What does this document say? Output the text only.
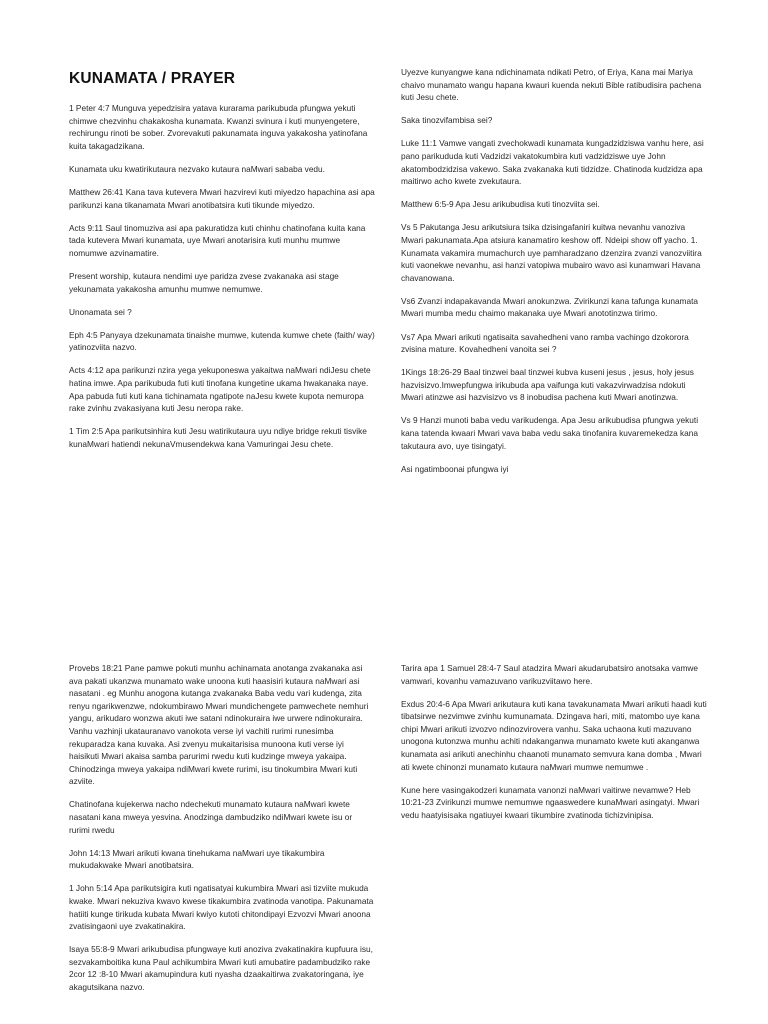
KUNAMATA / PRAYER

1 Peter 4:7 Munguva yepedzisira yatava kurarama parikubuda pfungwa yekuti chimwe chezvinhu chakakosha kunamata. Kwanzi svinura i kuti munyengetere, rechirungu rinoti be sober. Zvorevakuti pakunamata inguva yakakosha yatinofana kuita takagadzikana.

Kunamata uku kwatirikutaura nezvako kutaura naMwari sababa vedu.

Matthew 26:41 Kana tava kutevera Mwari hazvirevi kuti miyedzo hapachina asi apa parikunzi kana tikanamata Mwari anotibatsira kuti tikunde miyedzo.

Acts 9:11 Saul tinomuziva asi apa pakuratidza kuti chinhu chatinofana kuita kana tada kutevera Mwari kunamata, uye Mwari anotarisira kuti munhu mumwe nomumwe azvinamatire.

Present worship, kutaura nendimi uye paridza zvese zvakanaka asi stage yekunamata yakakosha amunhu mumwe nemumwe.

Unonamata sei ?

Eph 4:5 Panyaya dzekunamata tinaishe mumwe, kutenda kumwe chete (faith/ way) yatinozviita nazvo.

Acts 4:12 apa parikunzi nzira yega yekuponeswa yakaitwa naMwari ndiJesu chete hatina imwe. Apa parikubuda futi kuti tinofana kungetine ukama hwakanaka naye. Apa pabuda futi kuti kana tichinamata ngatipote naJesu kwete kupota nemuropa rake zvinhu zvakasiyana kuti Jesu neropa rake.

1 Tim 2:5 Apa parikutsinhira kuti Jesu watirikutaura uyu ndiye bridge rekuti tisvike kunaMwari hatiendi nekunaVmusendekwa kana Vamuringai Jesu chete.

Uyezve kunyangwe kana ndichinamata ndikati Petro, of Eriya, Kana mai Mariya chaivo munamato wangu hapana kwauri kuenda nekuti Bible ratibudisira pachena kuti Jesu chete.

Saka tinozvifambisa sei?

Luke 11:1 Vamwe vangati zvechokwadi kunamata kungadzidziswa vanhu here, asi pano parikududa kuti Vadzidzi vakatokumbira kuti vadzidziswe uye John akatombodzidzisa vakewo. Saka zvakanaka kuti tidzidze. Chatinoda kudzidza apa maitirwo acho kwete zvekutaura.

Matthew 6:5-9 Apa Jesu arikubudisa kuti tinozviita sei.

Vs 5 Pakutanga Jesu arikutsiura tsika dzisingafaniri kuitwa nevanhu vanoziva Mwari pakunamata.Apa atsiura kanamatiro keshow off. Ndeipi show off yacho. 1. Kunamata vakamira mumachurch uye pamharadzano dzenzira zvanzi vanozviitira kuti vaonekwe nevanhu, asi hanzi vatopiwa mubairo wavo asi kunamwari Havana chavanowana.

Vs6 Zvanzi indapakavanda Mwari anokunzwa. Zvirikunzi kana tafunga kunamata Mwari mumba medu chaimo makanaka uye Mwari anototinzwa tirimo.

Vs7 Apa Mwari arikuti ngatisaita savahedheni vano ramba vachingo dzokorora zvisina mature. Kovahedheni vanoita sei ?

1Kings 18:26-29 Baal tinzwei baal tinzwei kubva kuseni jesus , jesus, holy jesus hazvisizvo.Imwepfungwa irikubuda apa vaifunga kuti vakazvirwadzisa ndokuti Mwari atinzwe asi hazvisizvo vs 8 inobudisa pachena kuti Mwari anotinzwa.

Vs 9 Hanzi munoti baba vedu varikudenga. Apa Jesu arikubudisa pfungwa yekuti kana tatenda kwaari Mwari vava baba vedu saka tinofanira kuvaremekedza kana takutaura avo, uye tisingatyi.

Asi ngatimboonai pfungwa iyi

Provebs 18:21 Pane pamwe pokuti munhu achinamata anotanga zvakanaka asi ava pakati ukanzwa munamato wake unoona kuti haasisiri kutaura naMwari asi nasatani . eg Munhu anogona kutanga zvakanaka Baba vedu vari kudenga, zita renyu ngarikwenzwe, ndokumbirawo Mwari mundichengete pamwechete nemhuri yangu, arikudaro wonzwa akuti iwe satani ndinokuraira iwe urwere ndinokuraira. Vanhu vazhinji ukatauranavo vanokota verse iyi vachiti rurimi runesimba rekuparadza kana kuvaka. Asi zvenyu mukaitarisisa munoona kuti verse iyi haisikuti Mwari akaisa samba parurimi rwedu kuti kudzinge mweya yakaipa. Chinodzinga mweya yakaipa ndiMwari kwete rurimi, isu tinokumbira Mwari kuti azviite.

Chatinofana kujekerwa nacho ndechekuti munamato kutaura naMwari kwete nasatani kana mweya yesvina. Anodzinga dambudziko ndiMwari kwete isu or rurimi rwedu

John 14:13 Mwari arikuti kwana tinehukama naMwari uye tikakumbira mukudakwake Mwari anotibatsira.

1 John 5:14 Apa parikutsigira kuti ngatisatyai kukumbira Mwari asi tizviite mukuda kwake. Mwari nekuziva kwavo kwese tikakumbira zvatinoda vanotipa. Pakunamata hatiiti kunge tirikuda kubata Mwari kwiyo kutoti chitondipayi Ezvozvi Mwari anoona zvatisingaoni uye zvakatinakira.

Isaya 55:8-9 Mwari arikubudisa pfungwaye kuti anoziva zvakatinakira kupfuura isu, sezvakamboitika kuna Paul achikumbira Mwari kuti amubatire padambudziko rake 2cor 12 :8-10 Mwari akamupindura kuti nyasha dzaakaitirwa zvakatoringana, iye akagutsikana nazvo.

Tarira apa 1 Samuel 28:4-7 Saul atadzira Mwari akudarubatsiro anotsaka vamwe vamwari, kovanhu vamazuvano varikuzviitawo here.

Exdus 20:4-6 Apa Mwari arikutaura kuti kana tavakunamata Mwari arikuti haadi kuti tibatsirwe nezvimwe zvinhu kumunamata. Dzingava hari, miti, matombo uye kana chipi Mwari arikuti izvozvo ndinozvirovera vanhu. Saka uchaona kuti mazuvano unogona kutonzwa munhu achiti ndakanganwa munamato kwete kuti akanganwa kunamata asi arikuti anechinhu chaanoti munamato semvura kana domba , Mwari ati kwete chinonzi munamato kutaura naMwari mumwe nemumwe .

Kune here vasingakodzeri kunamata vanonzi naMwari vaitirwe nevamwe? Heb 10:21-23 Zvirikunzi mumwe nemumwe ngaaswedere kunaMwari asingatyi. Mwari vedu haatyisisaka ngatiuyei kwaari tikumbire zvatinoda tichizvinipisa.
